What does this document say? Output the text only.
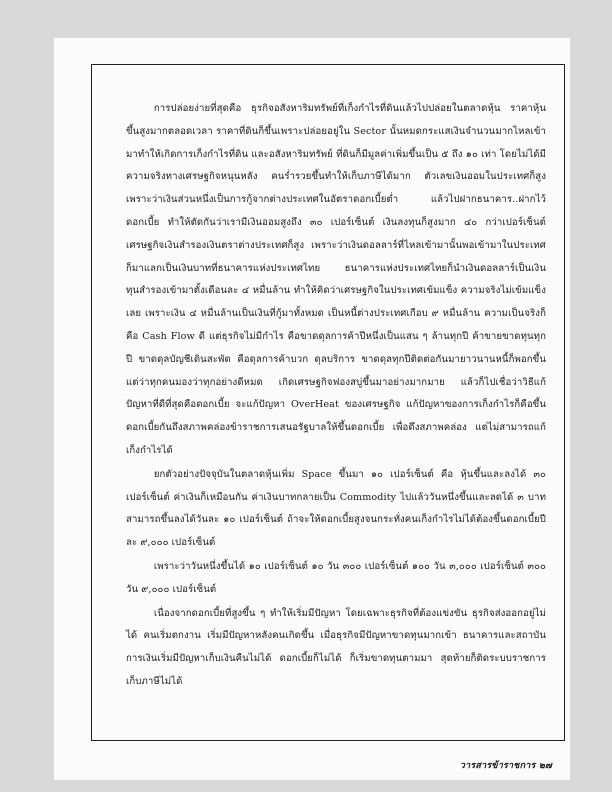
การปล่อยง่ายที่สุดคือ ธุรกิจอสังหาริมทรัพย์ที่เก็งกำไรที่ดินแล้วไปปล่อยในตลาดหุ้น ราคาหุ้นขึ้นสูงมากตลอดเวลา ราคาที่ดินก็ขึ้นเพราะปล่อยอยู่ใน Sector นั้นหมดกระแสเงินจำนวนมากไหลเข้ามาทำให้เกิดการเก็งกำไรที่ดิน และอสังหาริมทรัพย์ ที่ดินก็มีมูลค่าเพิ่มขึ้นเป็น ๕ ถึง ๑๐ เท่า โดยไม่ได้มีความจริงทางเศรษฐกิจหนุนหลัง คนร่ำรวยขึ้นทำให้เก็บภาษีได้มาก ตัวเลขเงินออมในประเทศก็สูงเพราะว่าเงินส่วนหนึ่งเป็นการกู้จากต่างประเทศในอัตราดอกเบี้ยต่ำ แล้วไปฝากธนาคาร..ฝากไว้ดอกเบี้ย ทำให้ตัดกันว่าเรามีเงินออมสูงถึง ๓๐ เปอร์เซ็นต์ เงินลงทุนก็สูงมาก ๔๐ กว่าเปอร์เซ็นต์ เศรษฐกิจเงินสำรองเงินตราต่างประเทศก็สูง เพราะว่าเงินดอลลาร์ที่ไหลเข้ามานั้นพอเข้ามาในประเทศก็มาแลกเป็นเงินบาทที่ธนาคารแห่งประเทศไทย ธนาคารแห่งประเทศไทยก็นำเงินดอลลาร์เป็นเงินทุนสำรองเข้ามาตั้งเดือนละ ๔ หมื่นล้าน ทำให้คิดว่าเศรษฐกิจในประเทศเข้มแข็ง ความจริงไม่เข้มแข็งเลย เพราะเงิน ๔ หมื่นล้านเป็นเงินที่กู้มาทั้งหมด เป็นหนี้ต่างประเทศเกือบ ๙ หมื่นล้าน ความเป็นจริงก็คือ Cash Flow ดี แต่ธุรกิจไม่มีกำไร คือขาดดุลการค้าปีหนึ่งเป็นแสน ๆ ล้านทุกปี ค้าขายขาดทุนทุกปี ขาดดุลบัญชีเดินสะพัด คือดุลการค้าบวก ดุลบริการ ขาดดุลทุกปีติดต่อกันมายาวนานหนี้ก็พอกขึ้น แต่ว่าทุกคนมองว่าทุกอย่างดีหมด เกิดเศรษฐกิจฟองสบู่ขึ้นมาอย่างมากมาย แล้วก็ไปเชื่อว่าวิธีแก้ปัญหาที่ดีที่สุดคือดอกเบี้ย จะแก้ปัญหา OverHeat ของเศรษฐกิจ แก้ปัญหาของการเก็งกำไรก็คือขึ้นดอกเบี้ยกันถึงสภาพคล่องข้าราชการเสนอรัฐบาลให้ขึ้นดอกเบี้ย เพื่อดึงสภาพคล่อง แต่ไม่สามารถแก้เก็งกำไรได้

ยกตัวอย่างปัจจุบันในตลาดหุ้นเพิ่ม Space ขึ้นมา ๑๐ เปอร์เซ็นต์ คือ หุ้นขึ้นและลงได้ ๓๐ เปอร์เซ็นต์ ค่าเงินก็เหมือนกัน ค่าเงินบาทกลายเป็น Commodity ไปแล้ววันหนึ่งขึ้นและลดได้ ๓ บาท สามารถขึ้นลงได้วันละ ๑๐ เปอร์เซ็นต์ ถ้าจะให้ดอกเบี้ยสูงจนกระทั่งคนเก็งกำไรไม่ได้ต้องขึ้นดอกเบี้ยปีละ ๙,๐๐๐ เปอร์เซ็นต์

เพราะว่าวันหนึ่งขึ้นได้ ๑๐ เปอร์เซ็นต์ ๑๐ วัน ๓๐๐ เปอร์เซ็นต์ ๑๐๐ วัน ๓,๐๐๐ เปอร์เซ็นต์ ๓๐๐ วัน ๙,๐๐๐ เปอร์เซ็นต์

เนื่องจากดอกเบี้ยที่สูงขึ้น ๆ ทำให้เริ่มมีปัญหา โดยเฉพาะธุรกิจที่ต้องแข่งขัน ธุรกิจส่งออกอยู่ไม่ได้ คนเริ่มตกงาน เริ่มมีปัญหาหลังคนเกิดขึ้น เมื่อธุรกิจมีปัญหาขาดทุนมากเข้า ธนาคารและสถาบันการเงินเริ่มมีปัญหาเก็บเงินคืนไม่ได้ ดอกเบี้ยก็ไม่ได้ ก็เริ่มขาดทุนตามมา สุดท้ายก็ติดระบบราชการ เก็บภาษีไม่ได้

วารสารข้าราชการ ๒๗
